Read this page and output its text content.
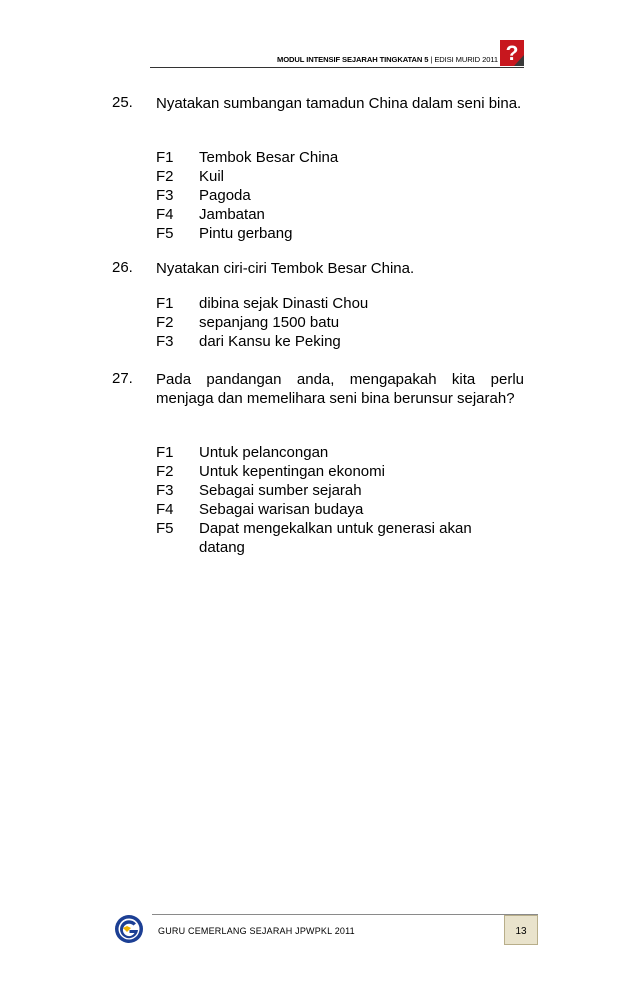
MODUL INTENSIF SEJARAH TINGKATAN 5 | EDISI MURID 2011 ?
25. Nyatakan sumbangan tamadun China dalam seni bina.
F1 Tembok Besar China
F2 Kuil
F3 Pagoda
F4 Jambatan
F5 Pintu gerbang
26. Nyatakan ciri-ciri Tembok Besar China.
F1 dibina sejak Dinasti Chou
F2 sepanjang 1500 batu
F3 dari Kansu ke Peking
27. Pada pandangan anda, mengapakah kita perlu menjaga dan memelihara seni bina berunsur sejarah?
F1 Untuk pelancongan
F2 Untuk kepentingan ekonomi
F3 Sebagai sumber sejarah
F4 Sebagai warisan budaya
F5 Dapat mengekalkan untuk generasi akan datang
GURU CEMERLANG SEJARAH JPWPKL 2011	13
